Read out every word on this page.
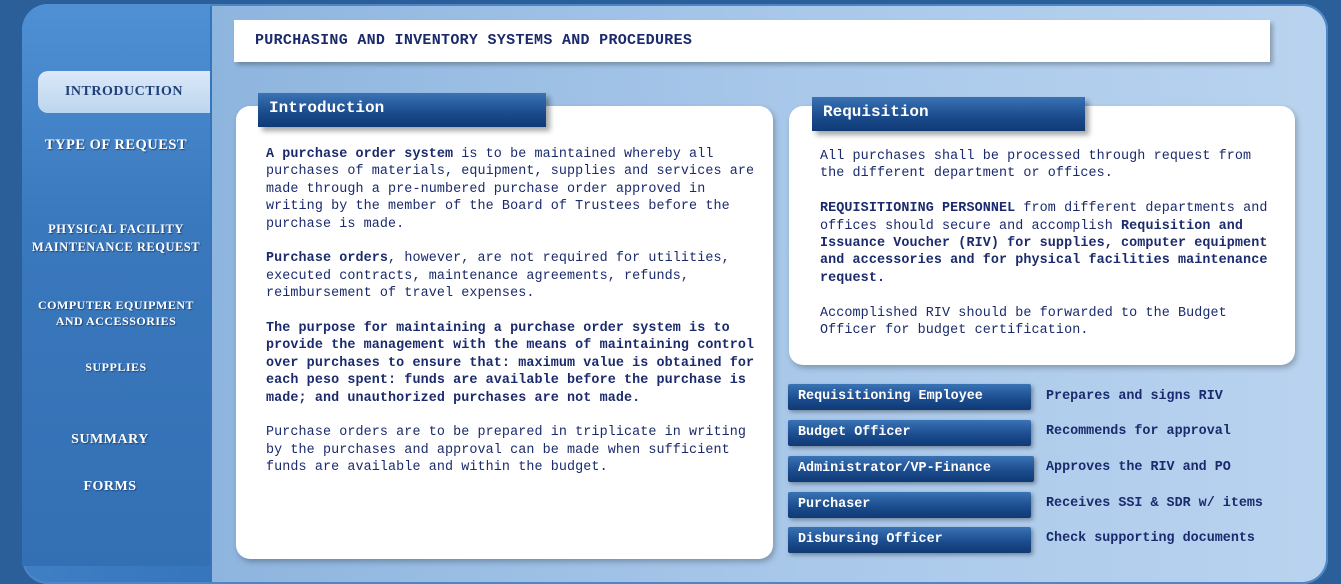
INTRODUCTION
TYPE OF REQUEST
PHYSICAL FACILITY MAINTENANCE REQUEST
COMPUTER EQUIPMENT AND ACCESSORIES
SUPPLIES
SUMMARY
FORMS
PURCHASING AND INVENTORY SYSTEMS AND PROCEDURES
Introduction

A purchase order system is to be maintained whereby all purchases of materials, equipment, supplies and services are made through a pre-numbered purchase order approved in writing by the member of the Board of Trustees before the purchase is made.

Purchase orders, however, are not required for utilities, executed contracts, maintenance agreements, refunds, reimbursement of travel expenses.

The purpose for maintaining a purchase order system is to provide the management with the means of maintaining control over purchases to ensure that: maximum value is obtained for each peso spent: funds are available before the purchase is made; and unauthorized purchases are not made.

Purchase orders are to be prepared in triplicate in writing by the purchases and approval can be made when sufficient funds are available and within the budget.

Requisition

All purchases shall be processed through request from the different department or offices.

REQUISITIONING PERSONNEL from different departments and offices should secure and accomplish Requisition and Issuance Voucher (RIV) for supplies, computer equipment and accessories and for physical facilities maintenance request.

Accomplished RIV should be forwarded to the Budget Officer for budget certification.

Requisitioning Employee	Prepares and signs RIV
Budget Officer	Recommends for approval
Administrator/VP-Finance	Approves the RIV and PO
Purchaser	Receives SSI & SDR w/ items
Disbursing Officer	Check supporting documents
